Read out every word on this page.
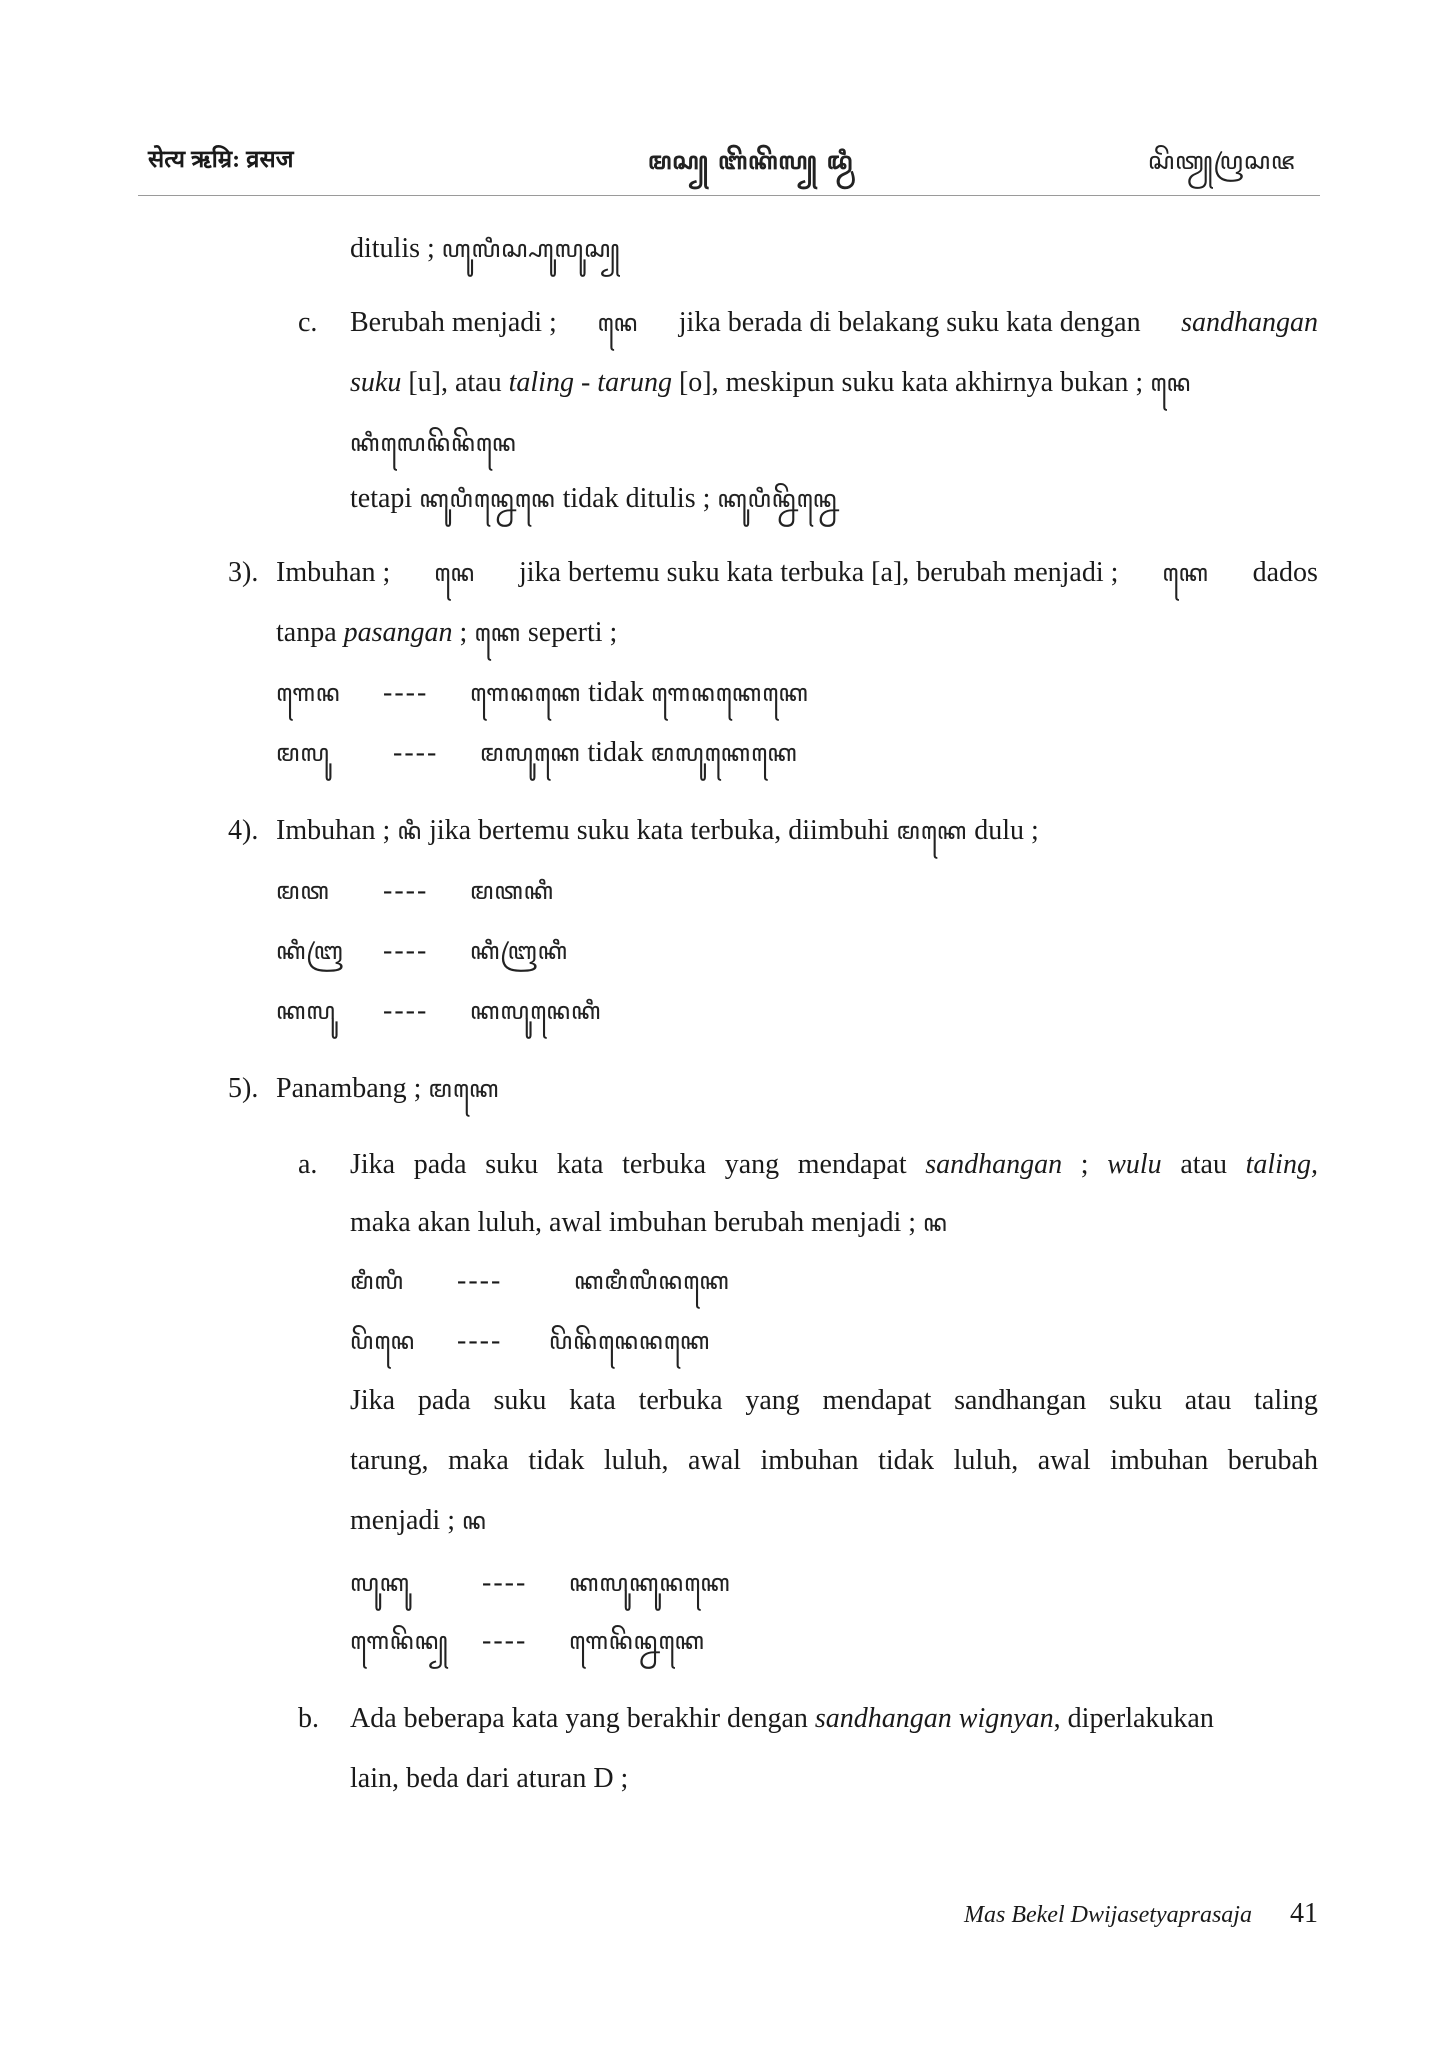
सेत्य ऋम्रि: व्रसज	ꦩꦱ꧀ ꦧꦼꦏꦼꦭ꧀ ꦢ꧀ꦮꦶ	ꦱꦼꦠꦾꦥꦿꦱꦗ
ditulis ; ꦲꦸꦭꦶꦱ꧀ꦲꦸꦭꦸꦱ꧀
c. Berubah menjadi ; ꦤꦺ jika berada di belakang suku kata dengan sandhangan
suku [u], atau taling - tarung [o], meskipun suku kata akhirnya bukan ; ꦤꦺ
ꦏꦶꦭꦺꦤꦼꦤꦼꦤꦺ
tetapi ꦏꦸꦥꦶꦤ꧀ꦤꦺꦤꦺ tidak ditulis ; ꦏꦸꦥꦶꦤ꧀ꦤꦼꦤ꧀ꦤꦺ
3). Imbuhan ; ꦤꦺ jika bertemu suku kata terbuka [a], berubah menjadi ; ꦏꦺ dados
tanpa pasangan ; ꦏꦺ seperti ;
ꦒꦺꦤ ---- ꦒꦺꦤꦏꦺ tidak ꦒꦺꦤꦏꦺꦏꦺ
ꦩꦭꦸ ---- ꦩꦭꦸꦏꦺ tidak ꦩꦭꦸꦏꦺꦏꦺ
4). Imbuhan ; ꦤꦶ jika bertemu suku kata terbuka, diimbuhi ꦩꦏꦺ dulu ;
ꦩꦠ ---- ꦩꦠꦏꦶ
ꦏꦶꦧꦿ ---- ꦏꦶꦧꦿꦏꦶ
ꦏꦭꦸ ---- ꦏꦭꦸꦤꦺꦏꦶ
5). Panambang ; ꦩꦏꦺ
a. Jika pada suku kata terbuka yang mendapat sandhangan ; wulu atau taling,
maka akan luluh, awal imbuhan berubah menjadi ; ꦤ
ꦩꦶꦭꦶ ----	ꦏꦩꦶꦭꦶꦤꦏꦺ
ꦥꦼꦤꦺ ---- ꦥꦼꦤꦼꦤꦺꦤꦏꦺ
Jika pada suku kata terbuka yang mendapat sandhangan suku atau taling
tarung, maka tidak luluh, awal imbuhan tidak luluh, awal imbuhan berubah
menjadi ; ꦤ
ꦭꦸꦏꦸ	---- ꦏꦭꦸꦏꦸꦤꦏꦺ
ꦒꦺꦤꦼꦤ꧀ ---- ꦒꦺꦤꦼꦤ꧀ꦤꦏꦺ
b. Ada beberapa kata yang berakhir dengan sandhangan wignyan, diperlakukan
lain, beda dari aturan D ;
Mas Bekel Dwijasetyaprasaja 41
